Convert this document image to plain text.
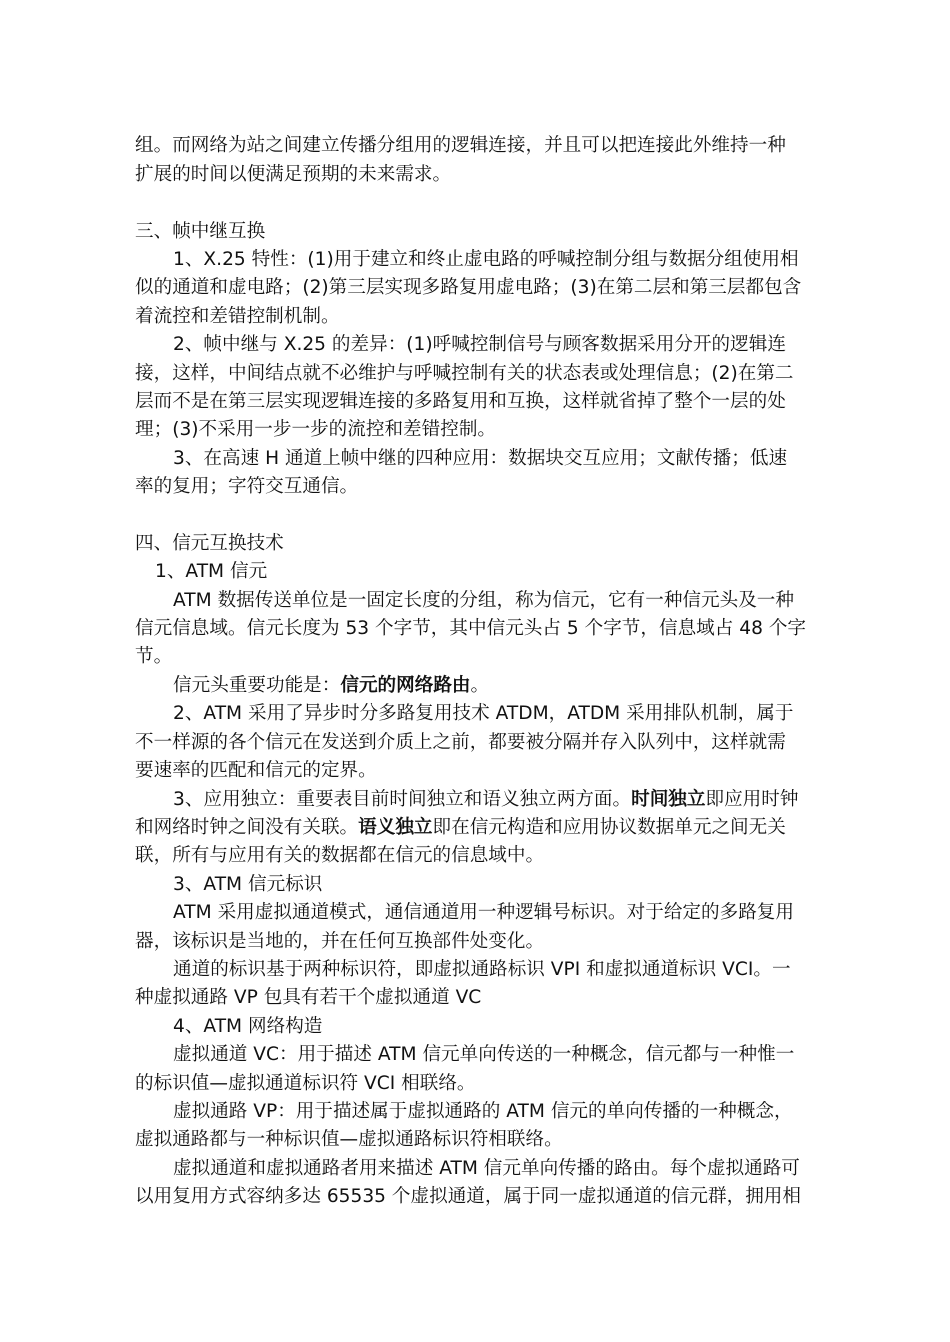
组。而网络为站之间建立传播分组用的逻辑连接，并且可以把连接此外维持一种
扩展的时间以便满足预期的未来需求。
三、帧中继互换
1、X.25 特性：(1)用于建立和终止虚电路的呼喊控制分组与数据分组使用相
似的通道和虚电路；(2)第三层实现多路复用虚电路；(3)在第二层和第三层都包含
着流控和差错控制机制。
2、帧中继与 X.25 的差异：(1)呼喊控制信号与顾客数据采用分开的逻辑连
接，这样，中间结点就不必维护与呼喊控制有关的状态表或处理信息；(2)在第二
层而不是在第三层实现逻辑连接的多路复用和互换，这样就省掉了整个一层的处
理；(3)不采用一步一步的流控和差错控制。
3、在高速 H 通道上帧中继的四种应用：数据块交互应用；文献传播；低速
率的复用；字符交互通信。
四、信元互换技术
1、ATM 信元
ATM 数据传送单位是一固定长度的分组，称为信元，它有一种信元头及一种
信元信息域。信元长度为 53 个字节，其中信元头占 5 个字节，信息域占 48 个字
节。
信元头重要功能是：信元的网络路由。
2、ATM 采用了异步时分多路复用技术 ATDM，ATDM 采用排队机制，属于
不一样源的各个信元在发送到介质上之前，都要被分隔并存入队列中，这样就需
要速率的匹配和信元的定界。
3、应用独立：重要表目前时间独立和语义独立两方面。时间独立即应用时钟
和网络时钟之间没有关联。语义独立即在信元构造和应用协议数据单元之间无关
联，所有与应用有关的数据都在信元的信息域中。
3、ATM 信元标识
ATM 采用虚拟通道模式，通信通道用一种逻辑号标识。对于给定的多路复用
器，该标识是当地的，并在任何互换部件处变化。
通道的标识基于两种标识符，即虚拟通路标识 VPI 和虚拟通道标识 VCI。一
种虚拟通路 VP 包具有若干个虚拟通道 VC
4、ATM 网络构造
虚拟通道 VC：用于描述 ATM 信元单向传送的一种概念，信元都与一种惟一
的标识值—虚拟通道标识符 VCI 相联络。
虚拟通路 VP：用于描述属于虚拟通路的 ATM 信元的单向传播的一种概念，
虚拟通路都与一种标识值—虚拟通路标识符相联络。
虚拟通道和虚拟通路者用来描述 ATM 信元单向传播的路由。每个虚拟通路可
以用复用方式容纳多达 65535 个虚拟通道，属于同一虚拟通道的信元群，拥用相
